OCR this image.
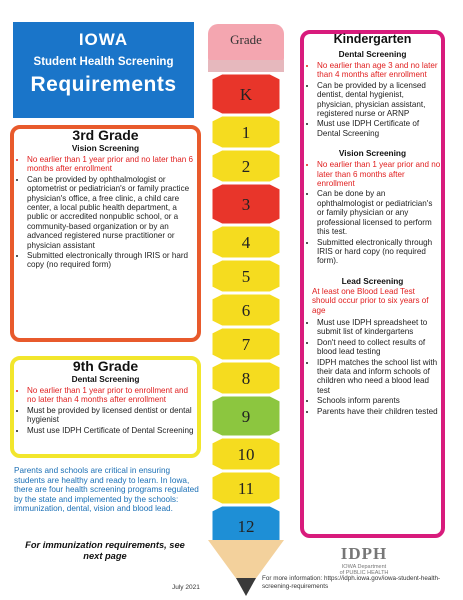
IOWA
Student Health Screening
Requirements
3rd Grade
Vision Screening
• No earlier than 1 year prior and no later than 6 months after enrollment
• Can be provided by ophthalmologist or optometrist or pediatrician's or family practice physician's office, a free clinic, a child care center, a local public health department, a public or accredited nonpublic school, or a community-based organization or by an advanced registered nurse practitioner or physician assistant
• Submitted electronically through IRIS or hard copy (no required form)
9th Grade
Dental Screening
• No earlier than 1 year prior to enrollment and no later than 4 months after enrollment
• Must be provided by licensed dentist or dental hygienist
• Must use IDPH Certificate of Dental Screening
Kindergarten
Dental Screening
• No earlier than age 3 and no later than 4 months after enrollment
• Can be provided by a licensed dentist, dental hygienist, physician, physician assistant, registered nurse or ARNP
• Must use IDPH Certificate of Dental Screening
Vision Screening
• No earlier than 1 year prior and no later than 6 months after enrollment
• Can be done by an ophthalmologist or pediatrician's or family physician or any professional licensed to perform this test.
• Submitted electronically through IRIS or hard copy (no required form).
Lead Screening
At least one Blood Lead Test should occur prior to six years of age
• Must use IDPH spreadsheet to submit list of kindergartens
• Don't need to collect results of blood lead testing
• IDPH matches the school list with their data and inform schools of children who need a blood lead test
• Schools inform parents
• Parents have their children tested
Grade
K
1
2
3
4
5
6
7
8
9
10
11
12
Parents and schools are critical in ensuring students are healthy and ready to learn. In Iowa, there are four health screening programs regulated by the state and implemented by the schools: immunization, dental, vision and blood lead.
For immunization requirements, see next page
July 2021
IDPH
IOWA Department
of PUBLIC HEALTH
For more information: https://idph.iowa.gov/iowa-student-health-screening-requirements
